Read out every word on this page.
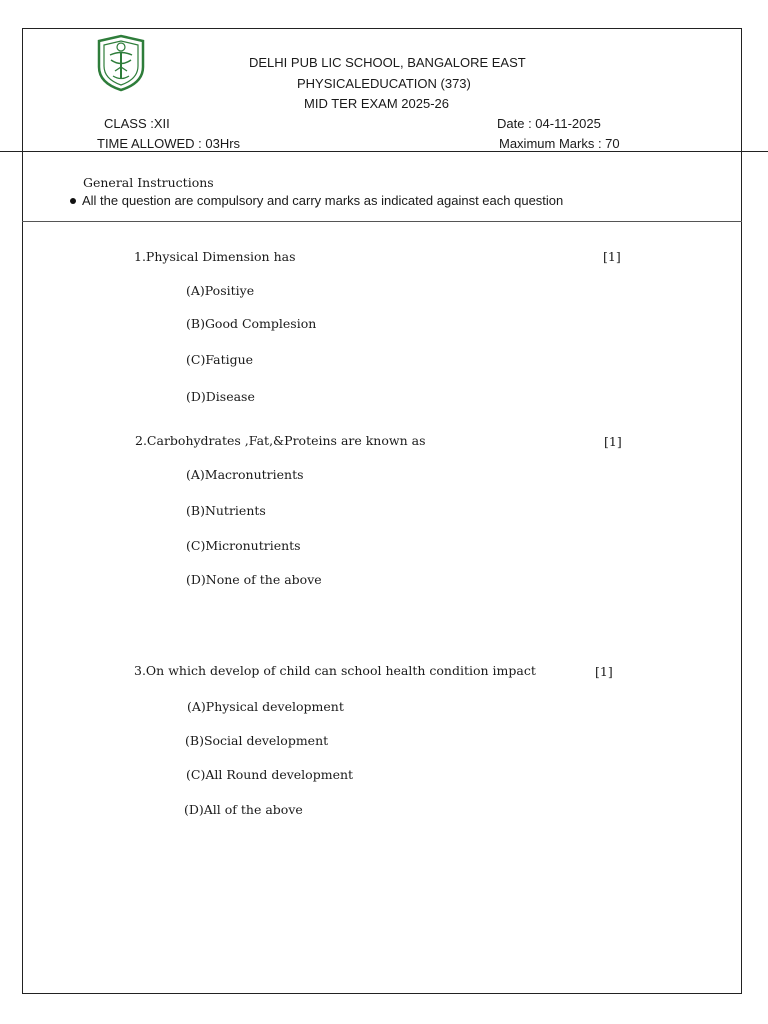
DELHI PUB LIC SCHOOL, BANGALORE EAST
PHYSICALEDUCATION (373)
MID TER EXAM 2025-26
CLASS :XII	Date : 04-11-2025
TIME ALLOWED : 03Hrs	Maximum Marks : 70
General Instructions
All the question are compulsory and carry marks as indicated against each question
1.Physical Dimension has	[1]
(A)Positiye
(B)Good Complesion
(C)Fatigue
(D)Disease
2.Carbohydrates ,Fat,&Proteins are known as	[1]
(A)Macronutrients
(B)Nutrients
(C)Micronutrients
(D)None of the above
3.On which develop of child can school health condition impact	[1]
(A)Physical development
(B)Social development
(C)All Round development
(D)All of the above
